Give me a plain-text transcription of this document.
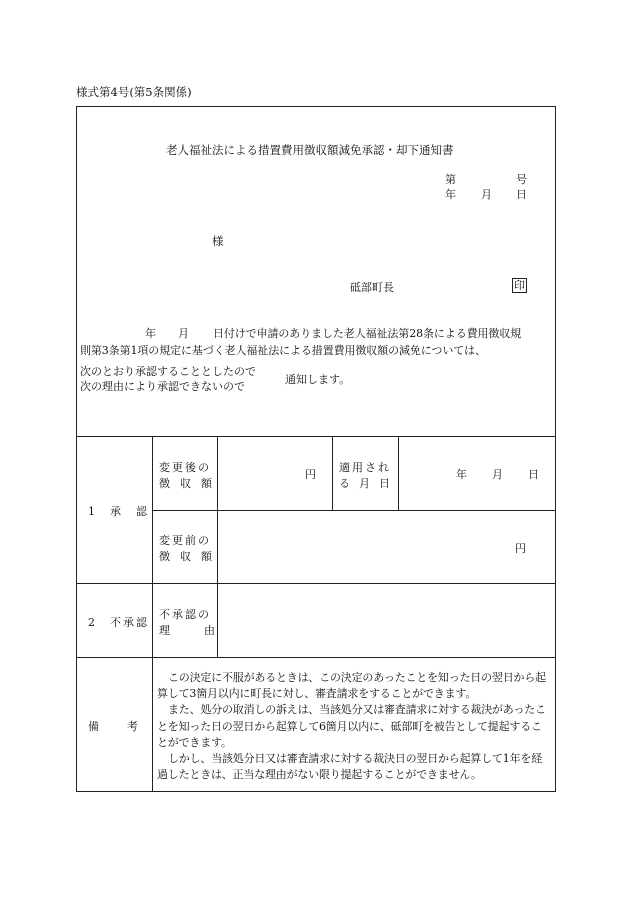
様式第4号(第5条関係)
老人福祉法による措置費用徴収額減免承認・却下通知書
第	号
年 月 日
様
砥部町長	印
年 月 日付けで申請のありました老人福祉法第28条による費用徴収規
則第3条第1項の規定に基づく老人福祉法による措置費用徴収額の減免については、
次のとおり承認することとしたので
次の理由により承認できないので
通知します。
1　承　認
変更後の
徴収額
円
適用され
る月日
年 月 日
変更前の
徴収額
円
2　不承認
不承認の
理由
備　　考

この決定に不服があるときは、この決定のあったことを知った日の翌日から起算して3箇月以内に町長に対し、審査請求をすることができます。

また、処分の取消しの訴えは、当該処分又は審査請求に対する裁決があったことを知った日の翌日から起算して6箇月以内に、砥部町を被告として提起することができます。

しかし、当該処分日又は審査請求に対する裁決日の翌日から起算して1年を経過したときは、正当な理由がない限り提起することができません。
